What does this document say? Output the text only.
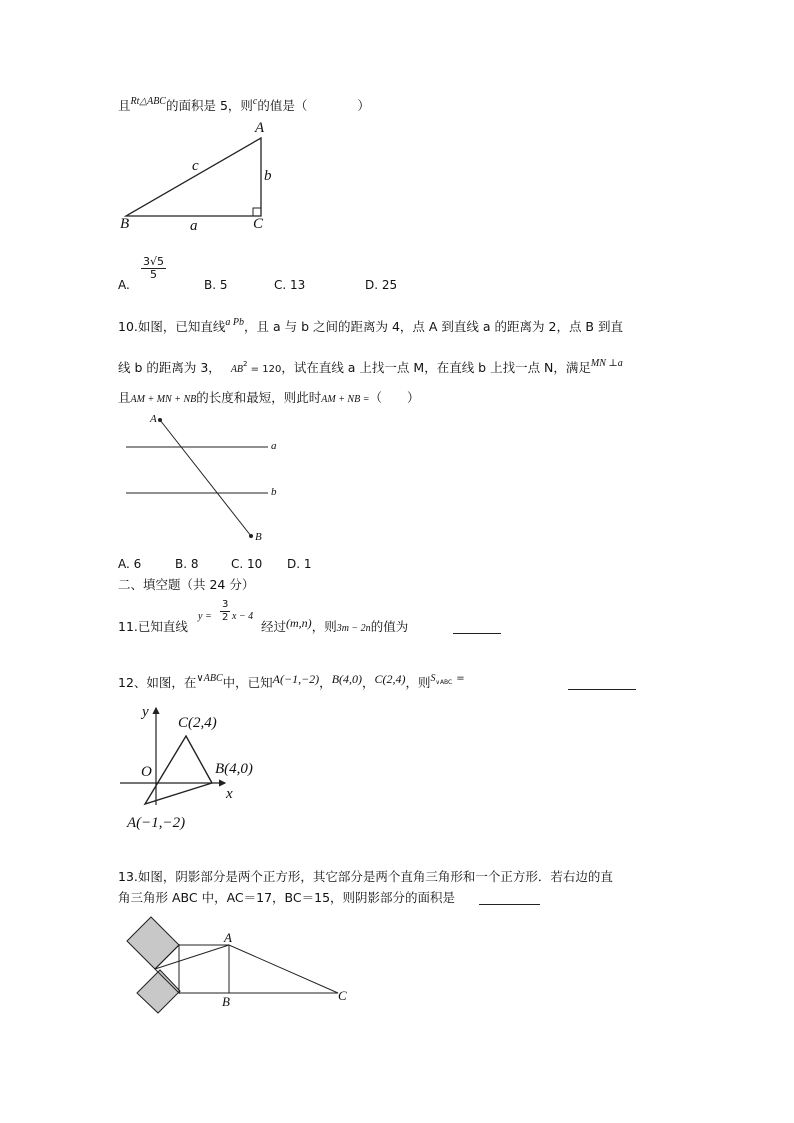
且$^{Rt\triangle ABC}$的面积是 5，则$^c$的值是（　　　　）
A
B	C
a
b
c
A.
$\frac{3√5}{5}$
B. 5	C. 13	D. 25
10.如图，已知直线$^{a Pb}$，且 a 与 b 之间的距离为 4，点 A 到直线 a 的距离为 2，点 B 到直
线 b 的距离为 3， $AB^2 = 120$，试在直线 a 上找一点 M，在直线 b 上找一点 N，满足$^{MN \perp a}$
且AM + MN + NB的长度和最短，则此时AM + NB =（　　）
A
B
a
b
A. 6	B. 8	C. 10 D. 1
二、填空题（共 24 分）
11.已知直线
$y = \frac{3}{2}$ x − 4
经过(m,n)，则3m − 2n的值为
12、如图，在$^{\vee ABC}$中，已知A(−1,−2)，B(4,0)，C(2,4)，则$^{S\vee ABC}$ =
y
x
O
C(2,4)
B(4,0)
A(−1,−2)
13.如图，阴影部分是两个正方形，其它部分是两个直角三角形和一个正方形．若右边的直
角三角形 ABC 中，AC＝17，BC＝15，则阴影部分的面积是
A
B	C
